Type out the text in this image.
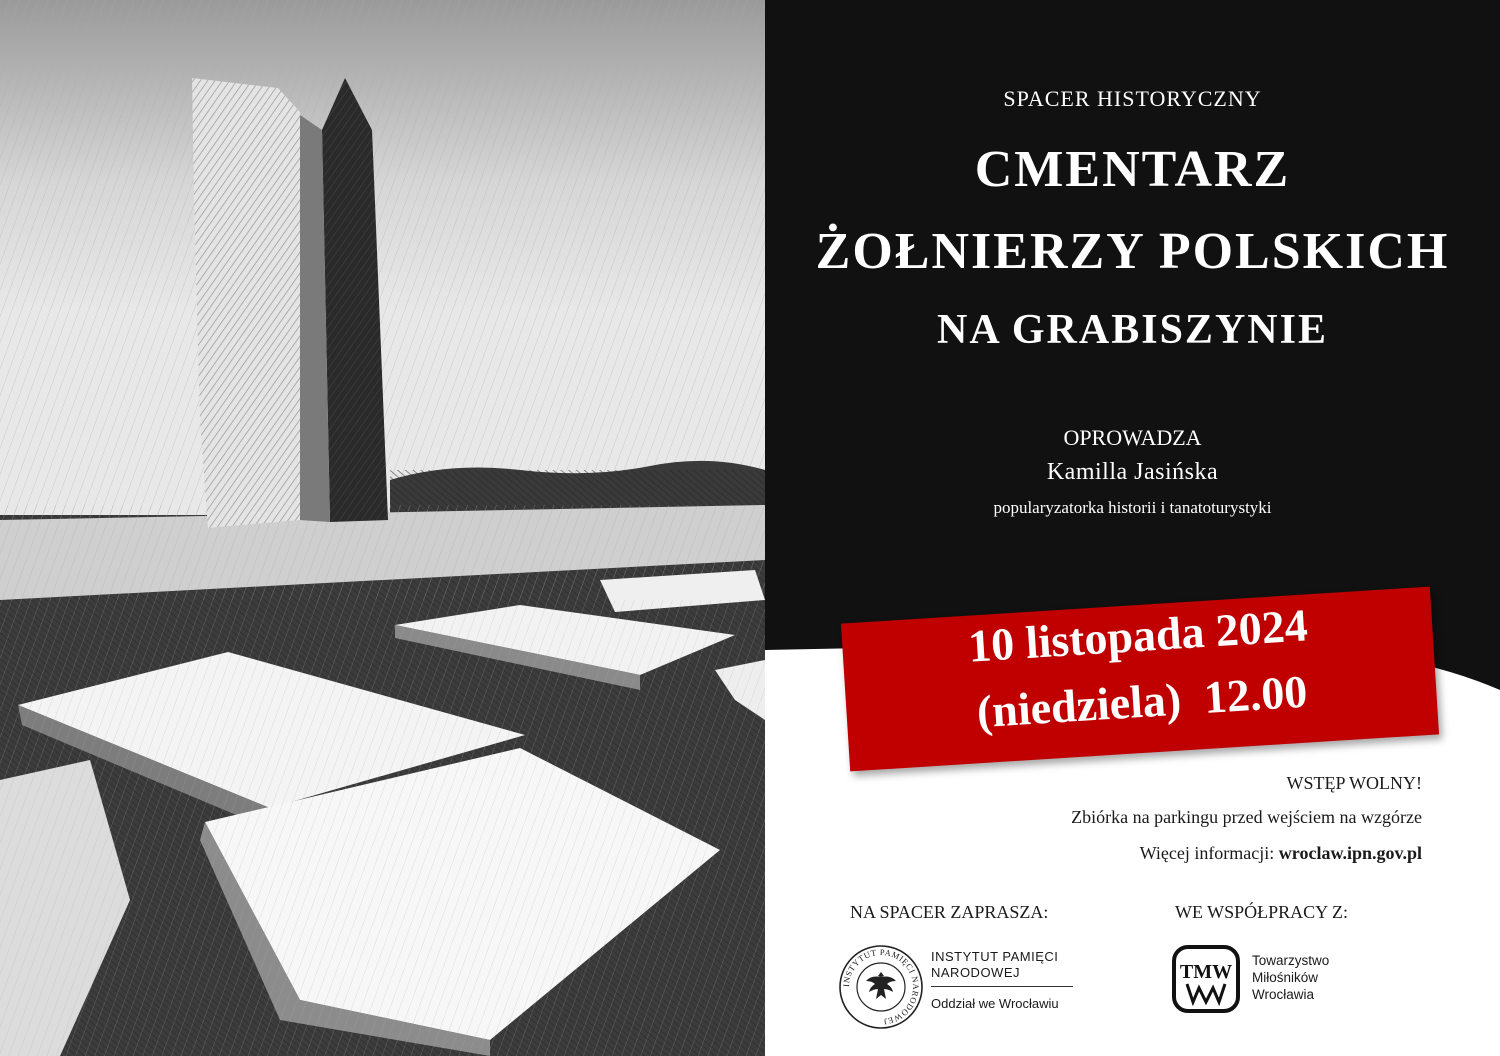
SPACER HISTORYCZNY
CMENTARZ
ŻOŁNIERZY POLSKICH
NA GRABISZYNIE
OPROWADZA
Kamilla Jasińska
popularyzatorka historii i tanatoturystyki
10 listopada 2024
(niedziela)  12.00
WSTĘP WOLNY!
Zbiórka na parkingu przed wejściem na wzgórze
Więcej informacji: wroclaw.ipn.gov.pl
NA SPACER ZAPRASZA:	WE WSPÓŁPRACY Z:
INSTYTUT PAMIĘCI NARODOWEJ
INSTYTUT PAMIĘCI
NARODOWEJ
Oddział we Wrocławiu
TMW
Towarzystwo
Miłośników
Wrocławia
